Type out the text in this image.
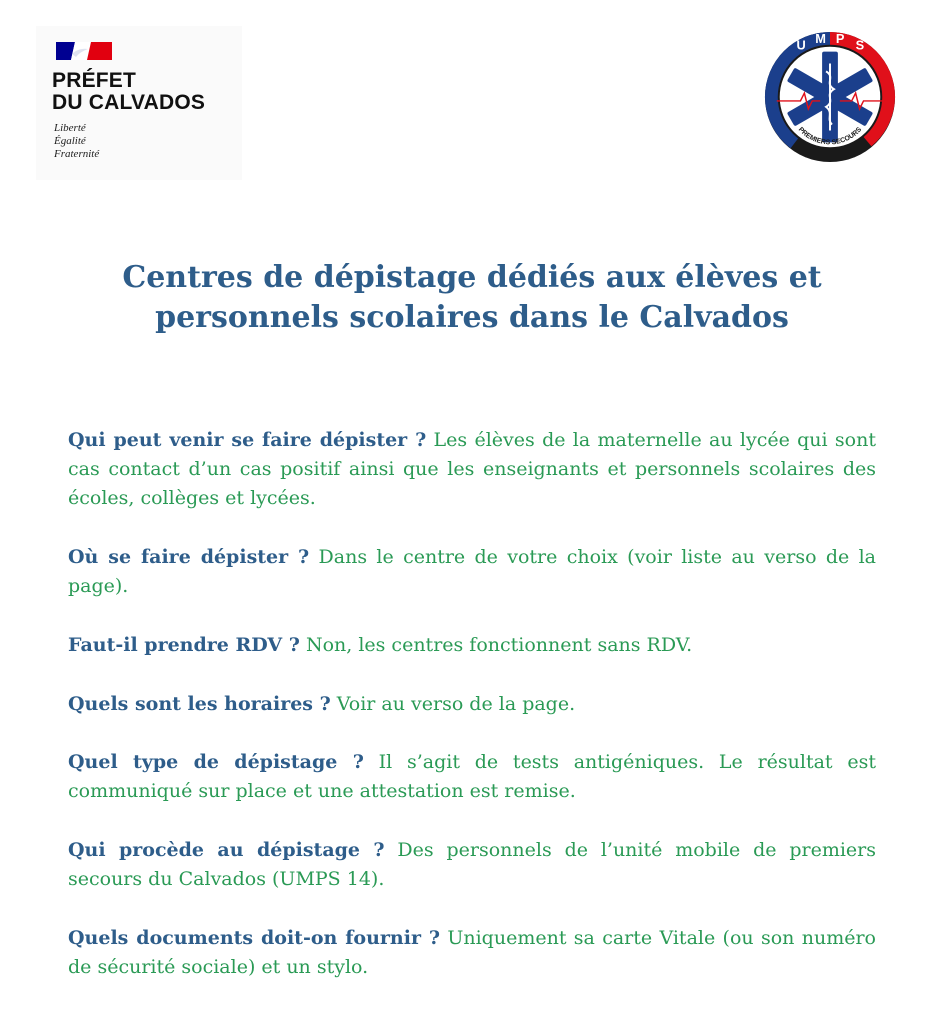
PRÉFET
DU CALVADOS
Liberté
Égalité
Fraternité
U M P S
PREMIERS SECOURS
Centres de dépistage dédiés aux élèves et
personnels scolaires dans le Calvados

Qui peut venir se faire dépister ? Les élèves de la maternelle au lycée qui sont cas contact d’un cas positif ainsi que les enseignants et personnels scolaires des écoles, collèges et lycées.

Où se faire dépister ? Dans le centre de votre choix (voir liste au verso de la page).

Faut-il prendre RDV ? Non, les centres fonctionnent sans RDV.

Quels sont les horaires ? Voir au verso de la page.

Quel type de dépistage ? Il s’agit de tests antigéniques. Le résultat est communiqué sur place et une attestation est remise.

Qui procède au dépistage ? Des personnels de l’unité mobile de premiers secours du Calvados (UMPS 14).

Quels documents doit-on fournir ? Uniquement sa carte Vitale (ou son numéro de sécurité sociale) et un stylo.
